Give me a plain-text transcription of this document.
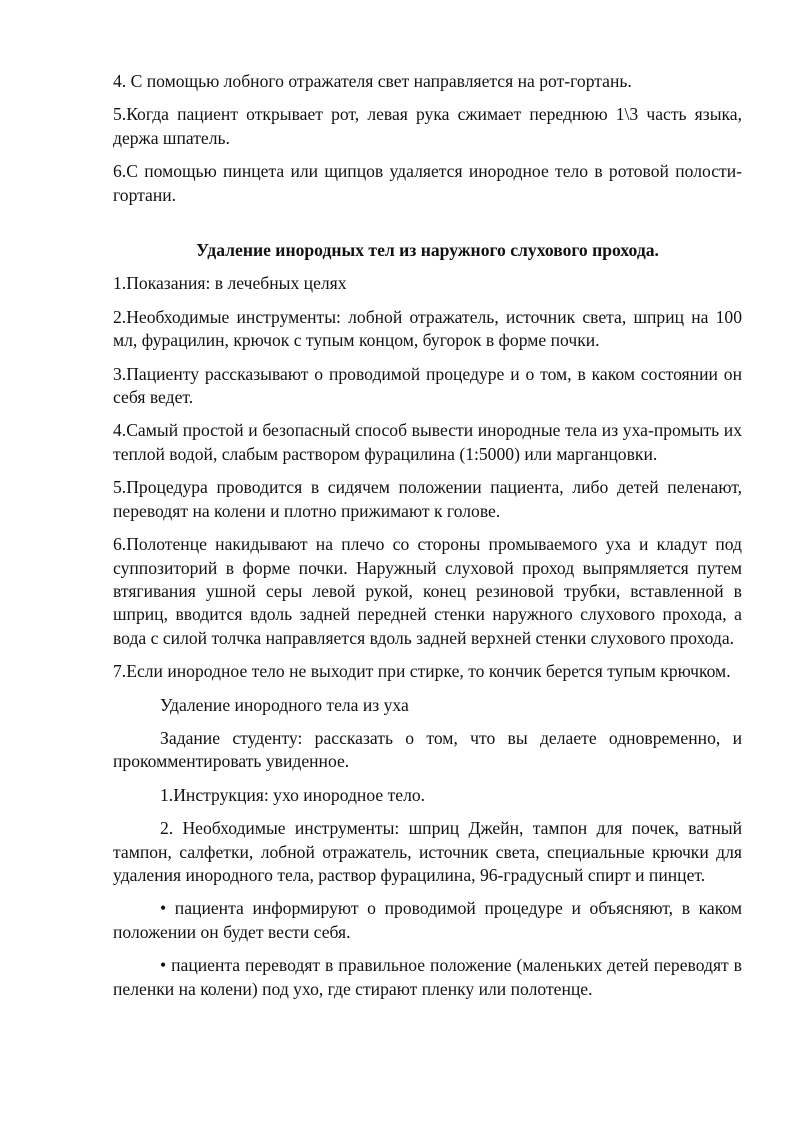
4. С помощью лобного отражателя свет направляется на рот-гортань.

5.Когда пациент открывает рот, левая рука сжимает переднюю 1\3 часть языка, держа шпатель.

6.С помощью пинцета или щипцов удаляется инородное тело в ротовой полости-гортани.

Удаление инородных тел из наружного слухового прохода.

1.Показания: в лечебных целях

2.Необходимые инструменты: лобной отражатель, источник света, шприц на 100 мл, фурацилин, крючок с тупым концом, бугорок в форме почки.

3.Пациенту рассказывают о проводимой процедуре и о том, в каком состоянии он себя ведет.

4.Самый простой и безопасный способ вывести инородные тела из уха-промыть их теплой водой, слабым раствором фурацилина (1:5000) или марганцовки.

5.Процедура проводится в сидячем положении пациента, либо детей пеленают, переводят на колени и плотно прижимают к голове.

6.Полотенце накидывают на плечо со стороны промываемого уха и кладут под суппозиторий в форме почки. Наружный слуховой проход выпрямляется путем втягивания ушной серы левой рукой, конец резиновой трубки, вставленной в шприц, вводится вдоль задней передней стенки наружного слухового прохода, а вода с силой толчка направляется вдоль задней верхней стенки слухового прохода.

7.Если инородное тело не выходит при стирке, то кончик берется тупым крючком.

Удаление инородного тела из уха

Задание студенту: рассказать о том, что вы делаете одновременно, и прокомментировать увиденное.

1.Инструкция: ухо инородное тело.

2. Необходимые инструменты: шприц Джейн, тампон для почек, ватный тампон, салфетки, лобной отражатель, источник света, специальные крючки для удаления инородного тела, раствор фурацилина, 96-градусный спирт и пинцет.

• пациента информируют о проводимой процедуре и объясняют, в каком положении он будет вести себя.

• пациента переводят в правильное положение (маленьких детей переводят в пеленки на колени) под ухо, где стирают пленку или полотенце.
